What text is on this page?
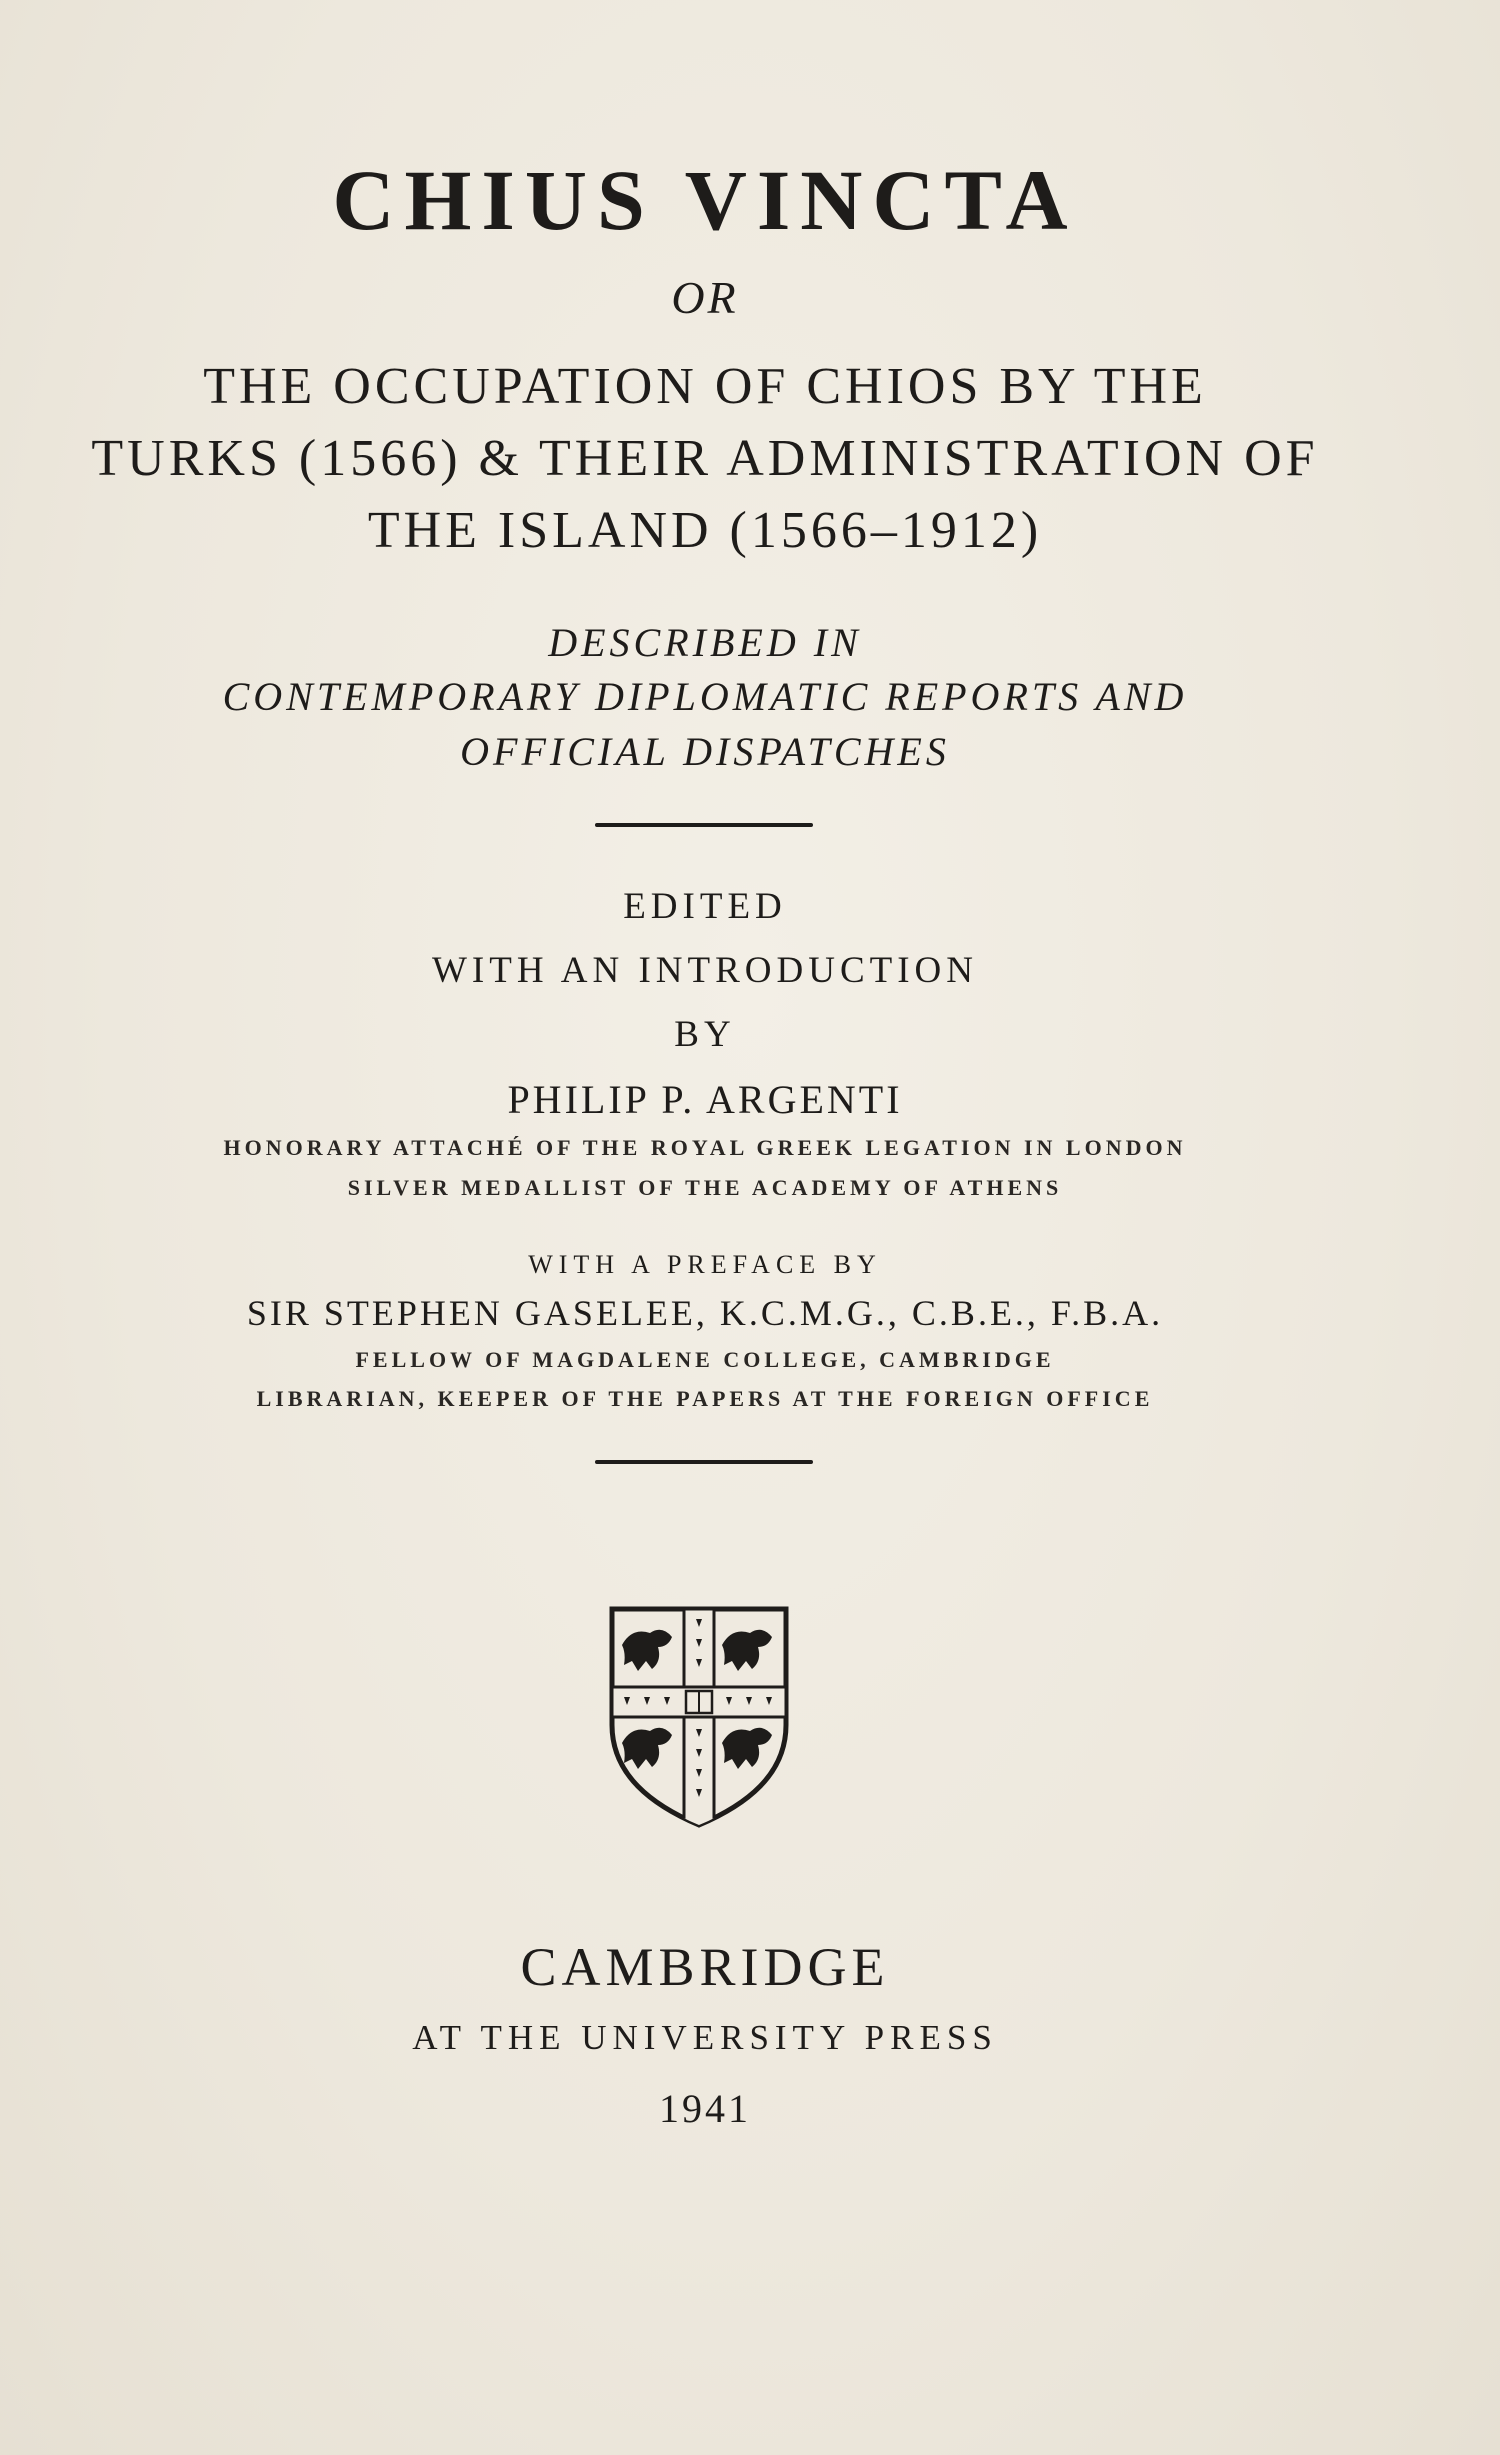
CHIUS VINCTA

OR

THE OCCUPATION OF CHIOS BY THE

TURKS (1566) & THEIR ADMINISTRATION OF

THE ISLAND (1566–1912)

DESCRIBED IN

CONTEMPORARY DIPLOMATIC REPORTS AND

OFFICIAL DISPATCHES

EDITED

WITH AN INTRODUCTION

BY

PHILIP P. ARGENTI

HONORARY ATTACHÉ OF THE ROYAL GREEK LEGATION IN LONDON

SILVER MEDALLIST OF THE ACADEMY OF ATHENS

WITH A PREFACE BY

SIR STEPHEN GASELEE, K.C.M.G., C.B.E., F.B.A.

FELLOW OF MAGDALENE COLLEGE, CAMBRIDGE

LIBRARIAN, KEEPER OF THE PAPERS AT THE FOREIGN OFFICE

CAMBRIDGE

AT THE UNIVERSITY PRESS

1941
